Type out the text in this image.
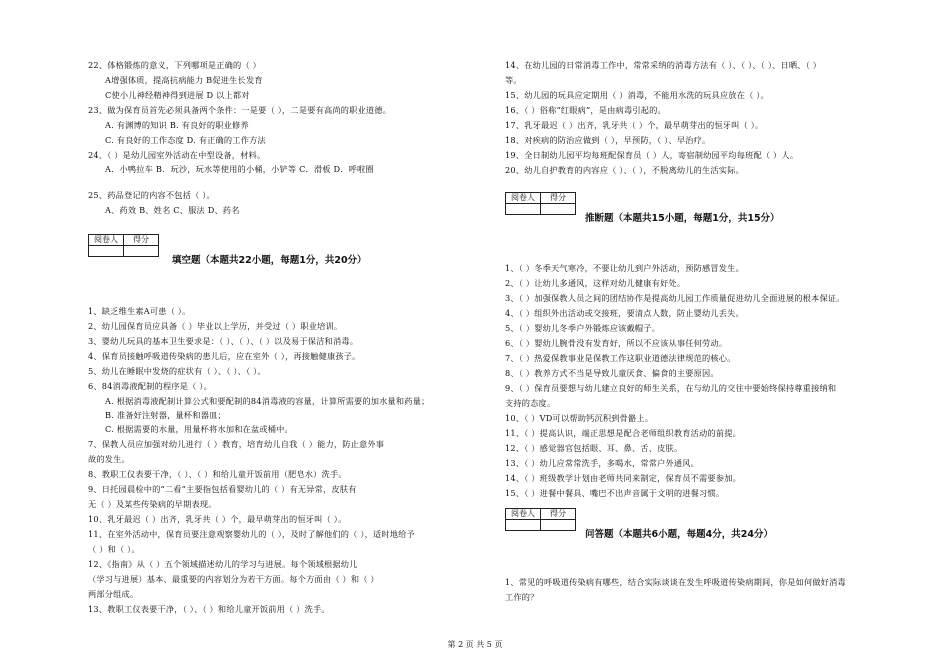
22、体格锻炼的意义，下列哪项是正确的（ ）
A增强体质，提高抗病能力 B促进生长发育
C使小儿神经精神得到进展 D 以上都对
23、做为保育员首先必须具备两个条件：一是要（ ），二是要有高尚的职业道德。
A. 有渊博的知识 B. 有良好的职业修养
C. 有良好的工作态度 D. 有正确的工作方法
24、（ ）是幼儿园室外活动在中型设备，材料。
A．小鸭拉车 B．玩沙，玩水等使用的小桶，小铲等 C．滑板 D．呼啦圈
25、药品登记的内容不包括（ ）。
A、药效 B、姓名 C、服法 D、药名
阅卷人	得分

填空题（本题共22小题，每题1分，共20分）
1、缺乏维生素A可患（ ）。
2、幼儿园保育员应具备（ ）毕业以上学历，并受过（ ）职业培训。
3、婴幼儿玩具的基本卫生要求是：（ ）、（ ）、（ ）以及易于保洁和消毒。
4、保育员接触呼吸道传染病的患儿后，应在室外（ ），再接触健康孩子。
5、幼儿在睡眠中发烧的症状有（ ）、（ ）、（ ）。
6、84消毒液配制的程序是（ ）。
A. 根据消毒液配制计算公式和要配制的84消毒液的容量，计算所需要的加水量和药量；
B. 准备好注射器，量杯和器皿；
C. 根据需要的水量，用量杯将水加和在盆或桶中。
7、保教人员应加强对幼儿进行（ ）教育，培育幼儿自我（ ）能力，防止意外事
故的发生。
8、教职工仪表要干净，（ ）、（ ）和给儿童开饭前用（肥皂水）洗手。
9、日托园晨检中的“二看”主要指包括看婴幼儿的（ ）有无异常，皮肤有
无（ ）及某些传染病的早期表现。
10、乳牙最迟（ ）出齐，乳牙共（ ）个，最早萌芽出的恒牙叫（ ）。
11、在室外活动中，保育员要注意观察婴幼儿的（ ），及时了解他们的（ ），适时地给予
（ ）和（ ）。
12、《指南》从（ ）五个领域描述幼儿的学习与进展。每个领域根据幼儿
（学习与进展）基本、最重要的内容划分为若干方面。每个方面由（ ）和（ ）
两部分组成。
13、教职工仪表要干净，（ ）、（ ）和给儿童开饭前用（ ）洗手。
14、在幼儿园的日常消毒工作中，常常采纳的消毒方法有（ ）、（ ）、（ ）、日晒、（ ）
等。
15、幼儿园的玩具应定期用（ ）消毒，不能用水洗的玩具应放在（ ）。
16、（ ）俗称“红眼病”，是由病毒引起的。
17、乳牙最迟（ ）出齐，乳牙共（ ）个，最早萌芽出的恒牙叫（ ）。
18、对疾病的防治应做到（ ），早预防，（ ）、早治疗。
19、全日制幼儿园平均每班配保育员（ ）人，寄宿制幼园平均每班配（ ）人。
20、幼儿自护教育的内容应（ ）、（ ），不脱离幼儿的生活实际。
阅卷人	得分

推断题（本题共15小题，每题1分，共15分）
1、（ ）冬季天气寒冷，不要让幼儿到户外活动，预防感冒发生。
2、（ ）让幼儿多通风，这样对幼儿健康有好处。
3、（ ）加强保教人员之间的团结协作是提高幼儿园工作质量促进幼儿全面进展的根本保证。
4、（ ）组织外出活动或交接班，要清点人数，防止婴幼儿丢失。
5、（ ）婴幼儿冬季户外锻炼应该戴帽子。
6、（ ）婴幼儿腕骨没有发育好，所以不应该从事任何劳动。
7、（ ）热爱保教事业是保教工作这职业道德法律规范的核心。
8、（ ）教养方式不当是导致儿童厌食、偏食的主要原因。
9、（ ）保育员要想与幼儿建立良好的师生关系，在与幼儿的交往中要始终保持尊重接纳和
支持的态度。
10、（ ）VD可以帮助钙沉积到骨骼上。
11、（ ）提高认识，端正思想是配合老师组织教育活动的前提。
12、（ ）感觉器官包括眼、耳、鼻、舌、皮肤。
13、（ ）幼儿应常常洗手，多喝水，常常户外通风。
14、（ ）班级教学计划由老师共同来制定，保育员不需要参加。
15、（ ）进餐中餐具、嘴巴不出声音属于文明的进餐习惯。
阅卷人	得分

问答题（本题共6小题，每题4分，共24分）
1、常见的呼吸道传染病有哪些，结合实际谈谈在发生呼吸道传染病期间，你是如何做好消毒
工作的？
第 2 页 共 5 页
